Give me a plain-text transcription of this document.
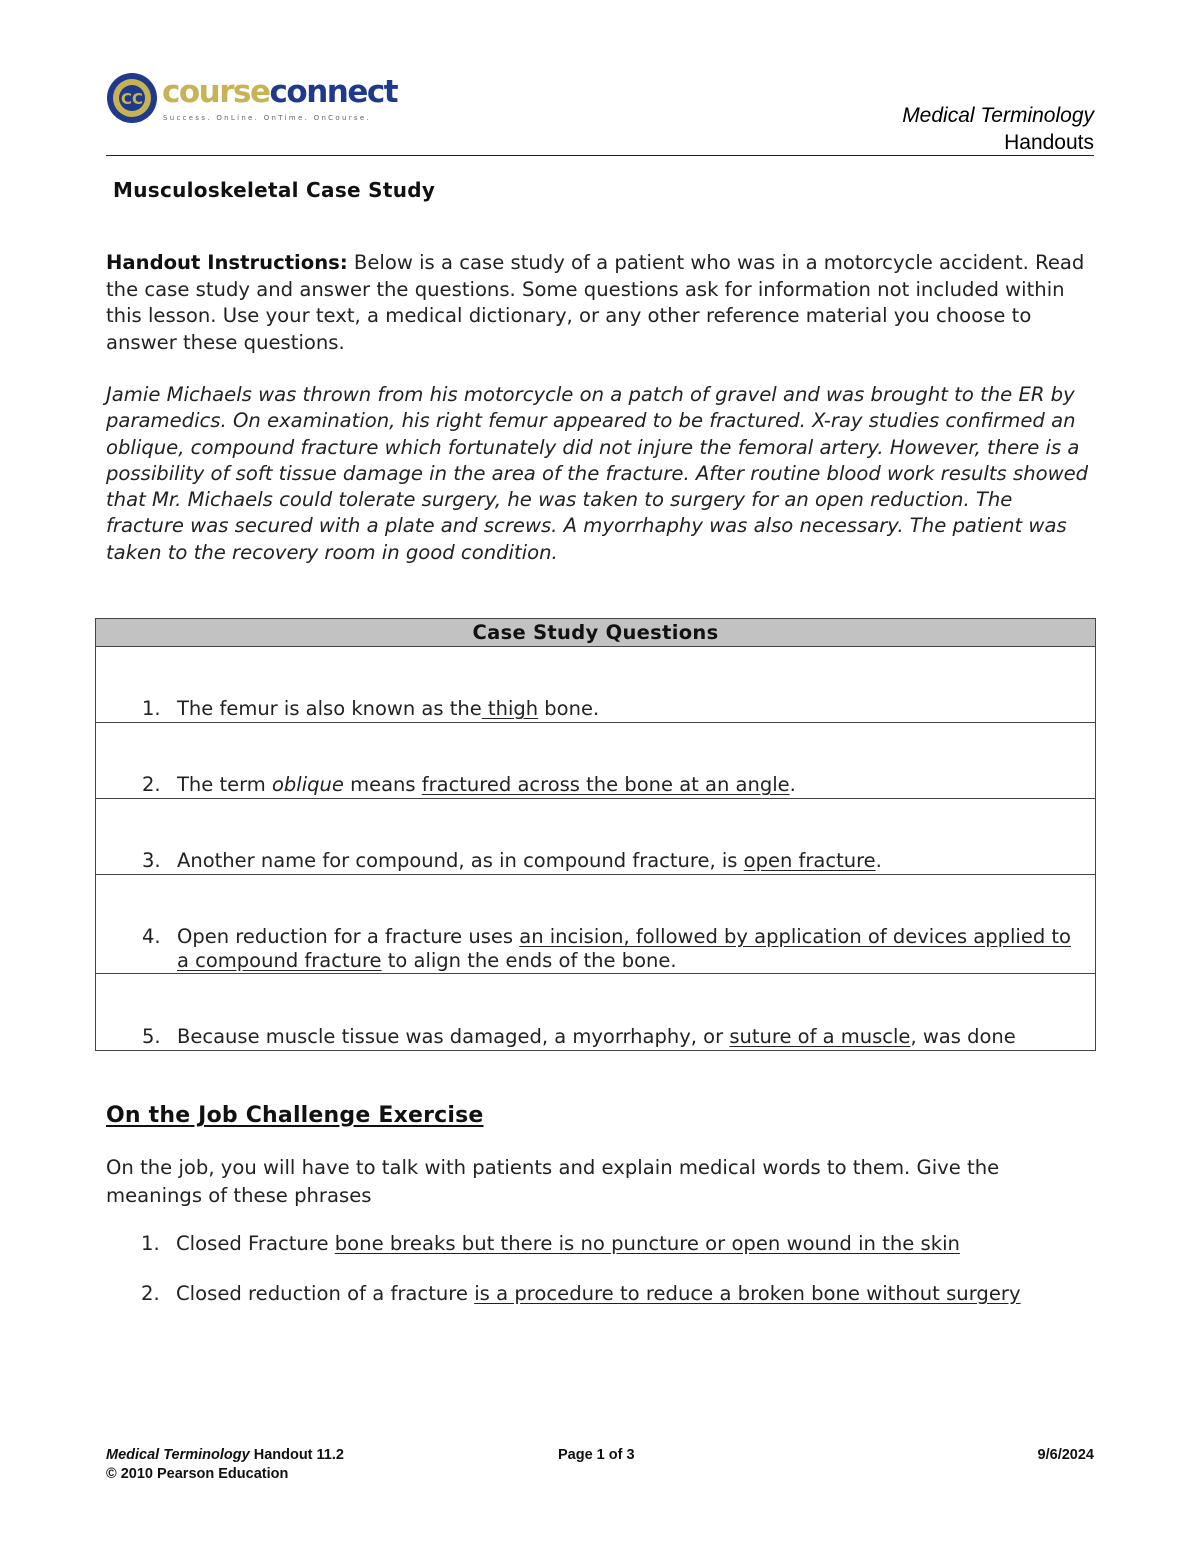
CC courseconnect
Success. OnLine. OnTime. OnCourse.	Medical Terminology
Handouts
Musculoskeletal Case Study
Handout Instructions: Below is a case study of a patient who was in a motorcycle accident. Read the case study and answer the questions. Some questions ask for information not included within this lesson. Use your text, a medical dictionary, or any other reference material you choose to answer these questions.
Jamie Michaels was thrown from his motorcycle on a patch of gravel and was brought to the ER by paramedics. On examination, his right femur appeared to be fractured. X-ray studies confirmed an oblique, compound fracture which fortunately did not injure the femoral artery. However, there is a possibility of soft tissue damage in the area of the fracture. After routine blood work results showed that Mr. Michaels could tolerate surgery, he was taken to surgery for an open reduction. The fracture was secured with a plate and screws. A myorrhaphy was also necessary. The patient was taken to the recovery room in good condition.
Case Study Questions
1. The femur is also known as the thigh bone.
2. The term oblique means fractured across the bone at an angle.
3. Another name for compound, as in compound fracture, is open fracture.
4. Open reduction for a fracture uses an incision, followed by application of devices applied to a compound fracture to align the ends of the bone.
5. Because muscle tissue was damaged, a myorrhaphy, or suture of a muscle, was done
On the Job Challenge Exercise
On the job, you will have to talk with patients and explain medical words to them. Give the meanings of these phrases
1. Closed Fracture bone breaks but there is no puncture or open wound in the skin
2. Closed reduction of a fracture is a procedure to reduce a broken bone without surgery
Medical Terminology Handout 11.2
© 2010 Pearson Education
Page 1 of 3	9/6/2024
